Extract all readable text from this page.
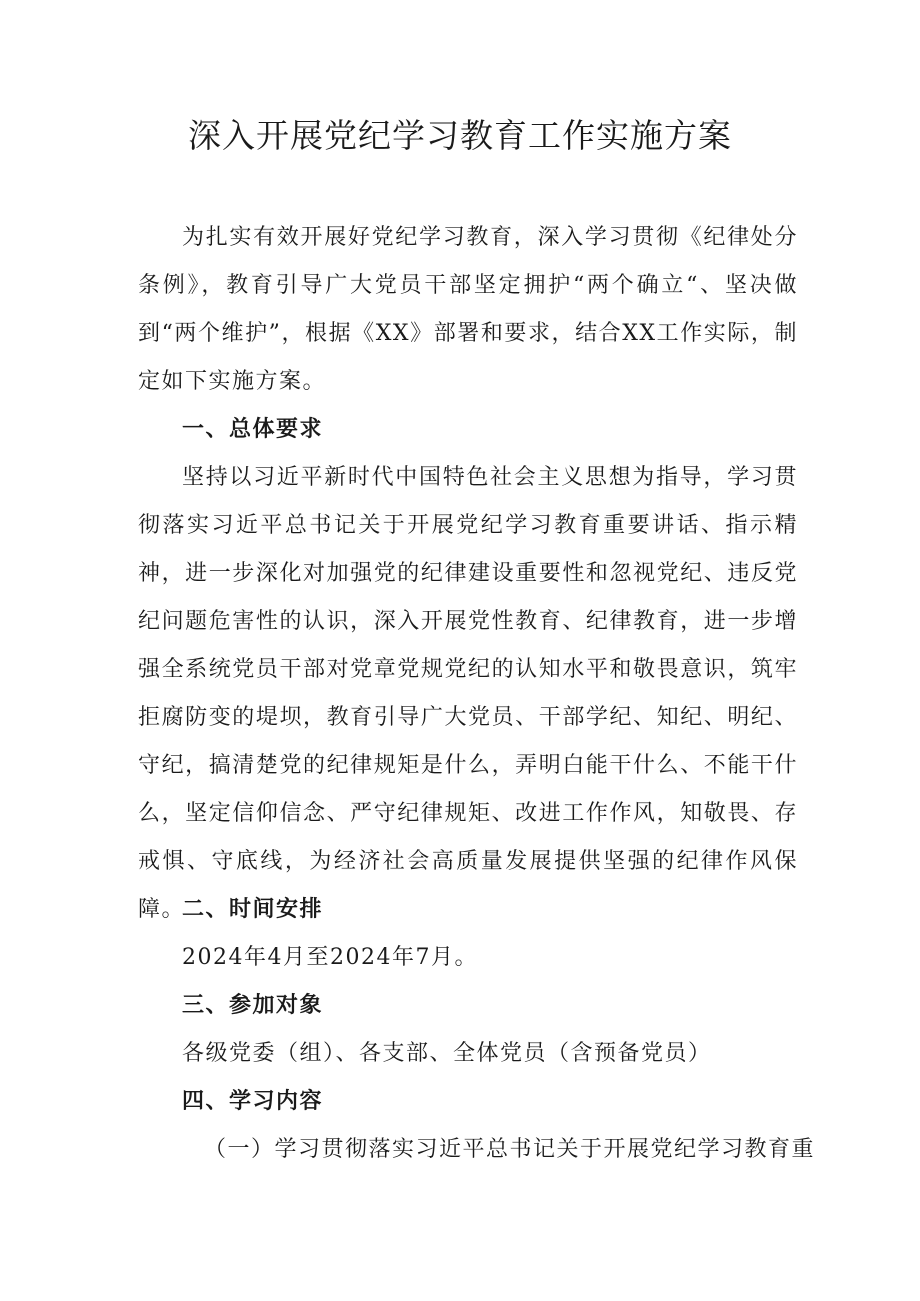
深入开展党纪学习教育工作实施方案
为扎实有效开展好党纪学习教育，深入学习贯彻《纪律处分条例》，教育引导广大党员干部坚定拥护“两个确立“、坚决做到“两个维护”，根据《XX》部署和要求，结合XX工作实际，制定如下实施方案。
一、总体要求
坚持以习近平新时代中国特色社会主义思想为指导，学习贯彻落实习近平总书记关于开展党纪学习教育重要讲话、指示精神，进一步深化对加强党的纪律建设重要性和忽视党纪、违反党纪问题危害性的认识，深入开展党性教育、纪律教育，进一步增强全系统党员干部对党章党规党纪的认知水平和敬畏意识，筑牢拒腐防变的堤坝，教育引导广大党员、干部学纪、知纪、明纪、守纪，搞清楚党的纪律规矩是什么，弄明白能干什么、不能干什么，坚定信仰信念、严守纪律规矩、改进工作作风，知敬畏、存戒惧、守底线，为经济社会高质量发展提供坚强的纪律作风保障。
二、时间安排
2024年4月至2024年7月。
三、参加对象
各级党委（组）、各支部、全体党员（含预备党员）
四、学习内容
（一）学习贯彻落实习近平总书记关于开展党纪学习教育重
